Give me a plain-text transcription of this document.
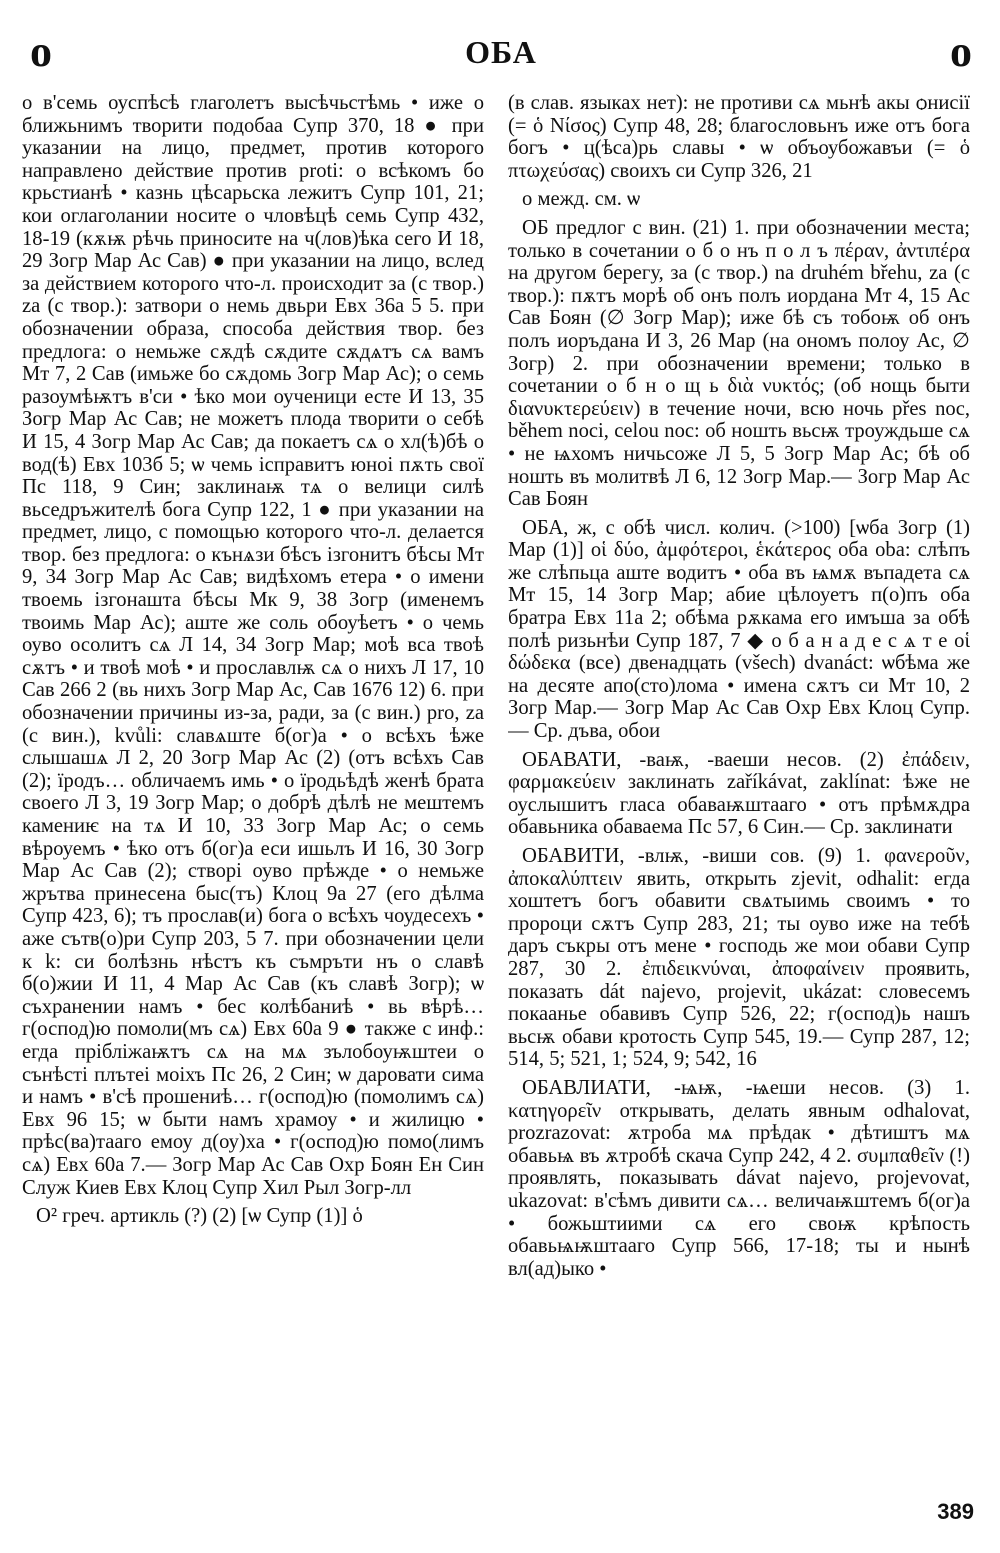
о	ОБА	о

о в'семь оуспѣсѣ глаголетъ высѣчьстѣмь • иже о ближьнимъ творити подобаа Супр 370, 18 ● при указании на лицо, предмет, против которого направлено действие против proti: о всѣкомъ бо крьстианѣ • казнь цѣсарьска лежитъ Супр 101, 21; кои оглаголании носите о чловѣцѣ семь Супр 432, 18-19 (кѫѭ рѣчь приносите на ч(лов)ѣка сего И 18, 29 Зогр Мар Ас Сав) ● при указании на лицо, вслед за действием которого что-л. происходит за (с твор.) za (с твор.): затвори о немь двьри Евх 36а 5 5. при обозначении образа, способа действия твор. без предлога: о немьже сѫдѣ сѫдите сѫдѧтъ сѧ вамъ Мт 7, 2 Сав (имьже бо сѫдомь Зогр Мар Ас); о семь разоумѣѭтъ в'си • ѣко мои оученици есте И 13, 35 Зогр Мар Ас Сав; не можетъ плода творити о себѣ И 15, 4 Зогр Мар Ас Сав; да покаетъ сѧ о хл(ѣ)бѣ о вод(ѣ) Евх 103б 5; ѡ чемь ісправитъ юноі пѫть свої Пс 118, 9 Син; заклинаѭ тѧ о велици силѣ вьседръжителѣ бога Супр 122, 1 ● при указании на предмет, лицо, с помощью которого что-л. делается твор. без предлога: о кънѧзи бѣсъ ізгонитъ бѣсы Мт 9, 34 Зогр Мар Ас Сав; видѣхомъ етера • о имени твоемь ізгонашта бѣсы Мк 9, 38 Зогр (именемъ твоимь Мар Ас); аште же соль обоуѣетъ • о чемь оуво осолитъ сѧ Л 14, 34 Зогр Мар; моѣ вса твоѣ сѫтъ • и твоѣ моѣ • и прославлѭ сѧ о нихъ Л 17, 10 Сав 266 2 (вь нихъ Зогр Мар Ас, Сав 1676 12) 6. при обозначении причины из-за, ради, за (с вин.) pro, za (с вин.), kvůli: славѧште б(ог)а • о всѣхъ ѣже слышашѧ Л 2, 20 Зогр Мар Ас (2) (отъ всѣхъ Сав (2); їродъ… обличаемъ имь • о їродьѣдѣ женѣ брата своего Л 3, 19 Зогр Мар; о добрѣ дѣлѣ не мештемъ камениѥ на тѧ И 10, 33 Зогр Мар Ас; о семь вѣроуемъ • ѣко отъ б(ог)а еси ишьлъ И 16, 30 Зогр Мар Ас Сав (2); створі оуво прѣжде • о немьже жрътва принесена быс(тъ) Клоц 9а 27 (его дѣлма Супр 423, 6); тъ прослав(и) бога о всѣхъ чоудесехъ • аже сътв(о)ри Супр 203, 5 7. при обозначении цели к k: си болѣзнь нѣстъ къ съмръти нъ о славѣ б(о)жии И 11, 4 Мар Ас Сав (къ славѣ Зогр); ѡ съхранении намъ • бес колѣбаниѣ • вь вѣрѣ… г(оспод)ю помоли(мъ сѧ) Евх 60а 9 ● также с инф.: егда прібліжаѭтъ сѧ на мѧ зълобоуѭштеи о сънѣсті плътеі моіхъ Пс 26, 2 Син; ѡ даровати сима и намъ • в'сѣ прошениѣ… г(оспод)ю (помолимъ сѧ) Евх 96 15; ѡ быти намъ храмоу • и жилицю • прѣс(ва)тааго емоу д(оу)ха • г(оспод)ю помо(лимъ сѧ) Евх 60а 7.— Зогр Мар Ас Сав Охр Боян Ен Син Служ Киев Евх Клоц Супр Хил Рыл Зогр-лл

О² греч. артикль (?) (2) [ѡ Супр (1)] ὁ

(в слав. языках нет): не противи сѧ мьнѣ акы ѻнисії (= ὁ Νίσος) Супр 48, 28; благословьнъ иже отъ бога богъ • ц(ѣса)рь славы • ѡ объоубожавъи (= ὁ πτωχεύσας) своихъ си Супр 326, 21

о межд. см. ѡ

ОБ предлог с вин. (21) 1. при обозначении места; только в сочетании о б о нъ п о л ъ πέραν, ἀντιπέρα на другом берегу, за (с твор.) na druhém břehu, za (с твор.): пѫтъ морѣ об онъ полъ иордана Мт 4, 15 Ас Сав Боян (∅ Зогр Мар); иже бѣ съ тобоѭ об онъ полъ иоръдана И 3, 26 Мар (на ономъ полоу Ас, ∅ Зогр) 2. при обозначении времени; только в сочетании о б н о щ ь διὰ νυκτός; (об нощь быти διανυκτερεύειν) в течение ночи, всю ночь přes noc, během noci, celou noc: об ношть вьсѭ троуждьше сѧ • не ѩхомъ ничьсоже Л 5, 5 Зогр Мар Ас; бѣ об ношть въ молитвѣ Л 6, 12 Зогр Мар.— Зогр Мар Ас Сав Боян

ОБА, ж, с обѣ числ. колич. (>100) [ѡба Зогр (1) Мар (1)] οἱ δύο, ἀμφότεροι, ἑκάτερος оба oba: слѣпъ же слѣпьца аште водитъ • оба въ ѩмѫ въпадета сѧ Мт 15, 14 Зогр Мар; абие цѣлоуетъ п(о)пъ оба братра Евх 11а 2; обѣма рѫкама его имъша за обѣ полѣ ризьнѣи Супр 187, 7 ◆ о б а н а д е с ѧ т е οἱ δώδεκα (все) двенадцать (všech) dvanáct: ѡбѣма же на десяте апо(сто)лома • имена сѫтъ си Мт 10, 2 Зогр Мар.— Зогр Мар Ас Сав Охр Евх Клоц Супр.— Ср. дъва, обои

ОБАВАТИ, -ваѭ, -ваеши несов. (2) ἐπάδειν, φαρμακεύειν заклинать zaříkávat, zaklínat: ѣже не оуслышитъ гласа обаваѭштааго • отъ прѣмѫдра обавьника обаваема Пс 57, 6 Син.— Ср. заклинати

ОБАВИТИ, -влѭ, -виши сов. (9) 1. φανερoῦν, ἀποκαλύπτειν явить, открыть zjevit, odhalit: егда хоштетъ богъ обавити свѧтыимь своимъ • то пророци сѫтъ Супр 283, 21; ты оуво иже на тебѣ даръ съкры отъ мене • господь же мои обави Супр 287, 30 2. ἐπιδεικνύναι, ἀποφαίνειν проявить, показать dát najevo, projevit, ukázat: словесемъ покаанье обавивъ Супр 526, 22; г(оспод)ь нашъ вьсѭ обави кротость Супр 545, 19.— Супр 287, 12; 514, 5; 521, 1; 524, 9; 542, 16

ОБАВЛИАТИ, -ѩѭ, -ѩеши несов. (3) 1. κατηγορεῖν открывать, делать явным odhalovat, prozrazovat: ѫтроба мѧ прѣдак • дѣтиштъ мѧ обавьѩ въ ѫтробѣ скача Супр 242, 4 2. συμπαθεῖν (!) проявлять, показывать dávat najevo, projevovat, ukazovat: в'сѣмъ дивити сѧ… величаѭштемъ б(ог)а • божьштиими сѧ его своѭ крѣпость обавьѩѭштааго Супр 566, 17-18; ты и нынѣ вл(ад)ыко •

389
